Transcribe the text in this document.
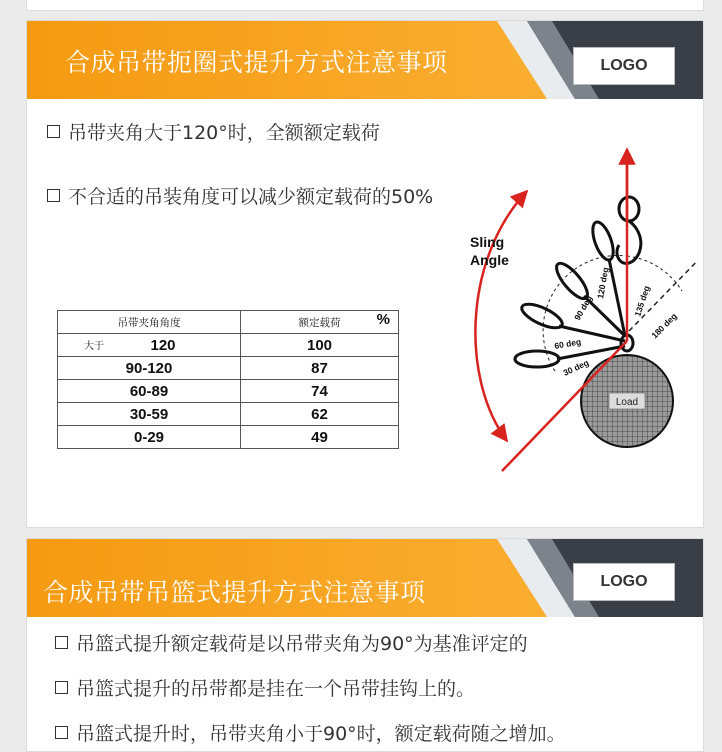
合成吊带扼圈式提升方式注意事项	LOGO
吊带夹角大于120°时，全额额定载荷
不合适的吊装角度可以减少额定载荷的50%
吊带夹角角度	额定载荷 %

大于 120	100
90-120	87
60-89	74
30-59	62
0-29	49
Load
30 deg
60 deg
90 deg
120 deg
135 deg
180 deg
Sling
Angle
合成吊带吊篮式提升方式注意事项	LOGO
吊篮式提升额定载荷是以吊带夹角为90°为基准评定的
吊篮式提升的吊带都是挂在一个吊带挂钩上的。
吊篮式提升时，吊带夹角小于90°时，额定载荷随之增加。
